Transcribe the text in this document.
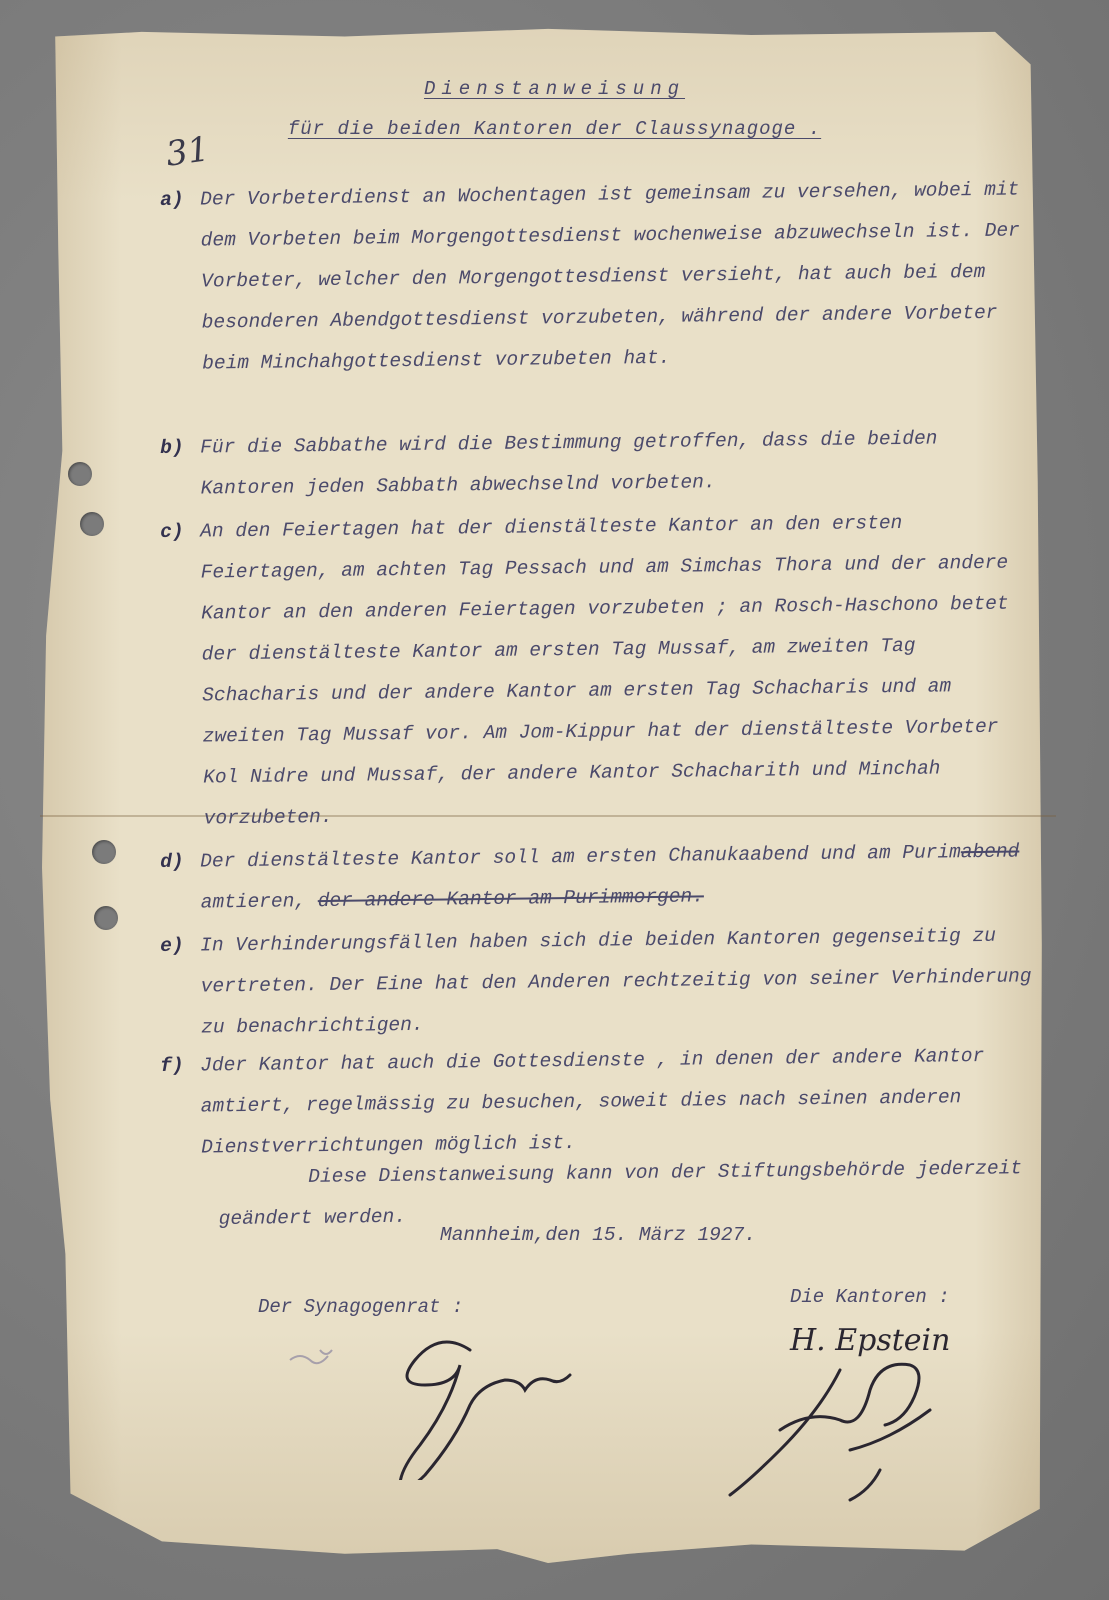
31
Dienstanweisung
für die beiden Kantoren der Claussynagoge .
a) Der Vorbeterdienst an Wochentagen ist gemeinsam zu versehen, wobei mit dem Vorbeten beim Morgengottesdienst wochenweise abzuwechseln ist. Der Vorbeter, welcher den Morgengottesdienst versieht, hat auch bei dem besonderen Abendgottesdienst vorzubeten, während der andere Vorbeter beim Minchahgottesdienst vorzubeten hat.
b) Für die Sabbathe wird die Bestimmung getroffen, dass die beiden Kantoren jeden Sabbath abwechselnd vorbeten.
c) An den Feiertagen hat der dienstälteste Kantor an den ersten Feiertagen, am achten Tag Pessach und am Simchas Thora und der andere Kantor an den anderen Feiertagen vorzubeten ; an Rosch-Haschono betet der dienstälteste Kantor am ersten Tag Mussaf, am zweiten Tag Schacharis und der andere Kantor am ersten Tag Schacharis und am zweiten Tag Mussaf vor. Am Jom-Kippur hat der dienstälteste Vorbeter Kol Nidre und Mussaf, der andere Kantor Schacharith und Minchah vorzubeten.
d) Der dienstälteste Kantor soll am ersten Chanukaabend und am Purimabend amtieren, der andere Kantor am Purimmorgen.
e) In Verhinderungsfällen haben sich die beiden Kantoren gegenseitig zu vertreten. Der Eine hat den Anderen rechtzeitig von seiner Verhinderung zu benachrichtigen.
f) Jder Kantor hat auch die Gottesdienste , in denen der andere Kantor amtiert, regelmässig zu besuchen, soweit dies nach seinen anderen Dienstverrichtungen möglich ist.
Diese Dienstanweisung kann von der Stiftungsbehörde jederzeit geändert werden.
Mannheim,den 15. März 1927.
Der Synagogenrat :	Die Kantoren :
H. Epstein
